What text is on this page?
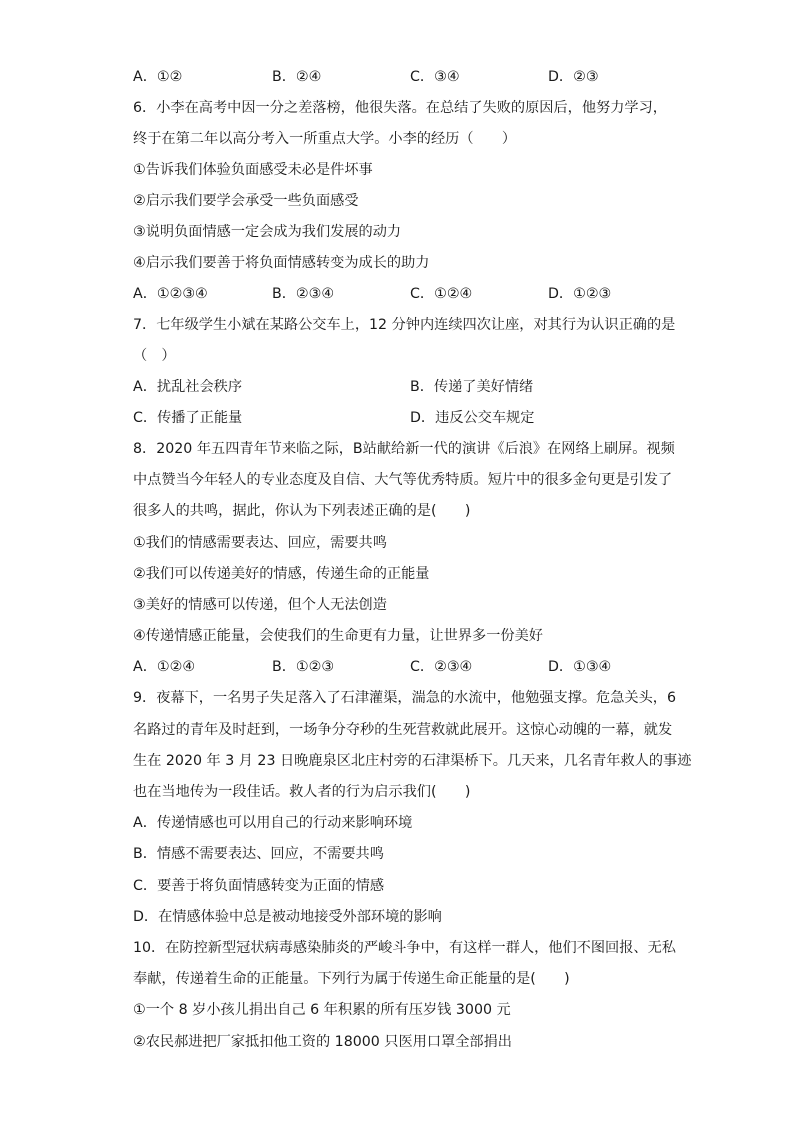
A．①②	B．②④	C．③④	D．②③
6．小李在高考中因一分之差落榜，他很失落。在总结了失败的原因后，他努力学习，
终于在第二年以高分考入一所重点大学。小李的经历（　　）
①告诉我们体验负面感受未必是件坏事
②启示我们要学会承受一些负面感受
③说明负面情感一定会成为我们发展的动力
④启示我们要善于将负面情感转变为成长的助力
A．①②③④	B．②③④	C．①②④	D．①②③
7．七年级学生小斌在某路公交车上，12 分钟内连续四次让座，对其行为认识正确的是
（　）
A．扰乱社会秩序	B．传递了美好情绪
C．传播了正能量	D．违反公交车规定
8．2020 年五四青年节来临之际，B站献给新一代的演讲《后浪》在网络上刷屏。视频
中点赞当今年轻人的专业态度及自信、大气等优秀特质。短片中的很多金句更是引发了
很多人的共鸣，据此，你认为下列表述正确的是(　　)
①我们的情感需要表达、回应，需要共鸣
②我们可以传递美好的情感，传递生命的正能量
③美好的情感可以传递，但个人无法创造
④传递情感正能量，会使我们的生命更有力量，让世界多一份美好
A．①②④	B．①②③	C．②③④	D．①③④
9．夜幕下，一名男子失足落入了石津灌渠，湍急的水流中，他勉强支撑。危急关头，6
名路过的青年及时赶到，一场争分夺秒的生死营救就此展开。这惊心动魄的一幕，就发
生在 2020 年 3 月 23 日晚鹿泉区北庄村旁的石津渠桥下。几天来，几名青年救人的事迹
也在当地传为一段佳话。救人者的行为启示我们(　　)
A．传递情感也可以用自己的行动来影响环境
B．情感不需要表达、回应，不需要共鸣
C．要善于将负面情感转变为正面的情感
D．在情感体验中总是被动地接受外部环境的影响
10．在防控新型冠状病毒感染肺炎的严峻斗争中，有这样一群人，他们不图回报、无私
奉献，传递着生命的正能量。下列行为属于传递生命正能量的是(　　)
①一个 8 岁小孩儿捐出自己 6 年积累的所有压岁钱 3000 元
②农民郝进把厂家抵扣他工资的 18000 只医用口罩全部捐出
